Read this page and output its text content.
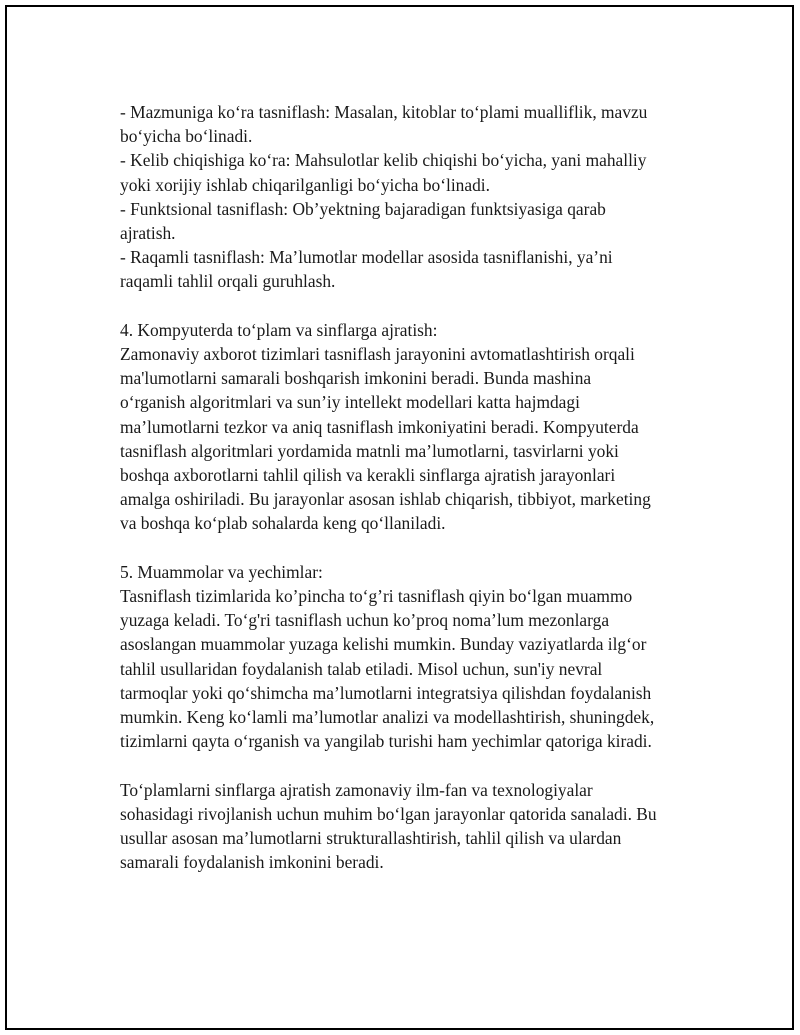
- Mazmuniga ko‘ra tasniflash: Masalan, kitoblar to‘plami mualliflik, mavzu
bo‘yicha bo‘linadi.
- Kelib chiqishiga ko‘ra: Mahsulotlar kelib chiqishi bo‘yicha, yani mahalliy
yoki xorijiy ishlab chiqarilganligi bo‘yicha bo‘linadi.
- Funktsional tasniflash: Ob’yektning bajaradigan funktsiyasiga qarab
ajratish.
- Raqamli tasniflash: Ma’lumotlar modellar asosida tasniflanishi, ya’ni
raqamli tahlil orqali guruhlash.
4. Kompyuterda to‘plam va sinflarga ajratish:
Zamonaviy axborot tizimlari tasniflash jarayonini avtomatlashtirish orqali
ma'lumotlarni samarali boshqarish imkonini beradi. Bunda mashina
o‘rganish algoritmlari va sun’iy intellekt modellari katta hajmdagi
ma’lumotlarni tezkor va aniq tasniflash imkoniyatini beradi. Kompyuterda
tasniflash algoritmlari yordamida matnli ma’lumotlarni, tasvirlarni yoki
boshqa axborotlarni tahlil qilish va kerakli sinflarga ajratish jarayonlari
amalga oshiriladi. Bu jarayonlar asosan ishlab chiqarish, tibbiyot, marketing
va boshqa ko‘plab sohalarda keng qo‘llaniladi.
5. Muammolar va yechimlar:
Tasniflash tizimlarida ko’pincha to‘g’ri tasniflash qiyin bo‘lgan muammo
yuzaga keladi. To‘g'ri tasniflash uchun ko’proq noma’lum mezonlarga
asoslangan muammolar yuzaga kelishi mumkin. Bunday vaziyatlarda ilg‘or
tahlil usullaridan foydalanish talab etiladi. Misol uchun, sun'iy nevral
tarmoqlar yoki qo‘shimcha ma’lumotlarni integratsiya qilishdan foydalanish
mumkin. Keng ko‘lamli ma’lumotlar analizi va modellashtirish, shuningdek,
tizimlarni qayta o‘rganish va yangilab turishi ham yechimlar qatoriga kiradi.
To‘plamlarni sinflarga ajratish zamonaviy ilm-fan va texnologiyalar
sohasidagi rivojlanish uchun muhim bo‘lgan jarayonlar qatorida sanaladi. Bu
usullar asosan ma’lumotlarni strukturallashtirish, tahlil qilish va ulardan
samarali foydalanish imkonini beradi.
